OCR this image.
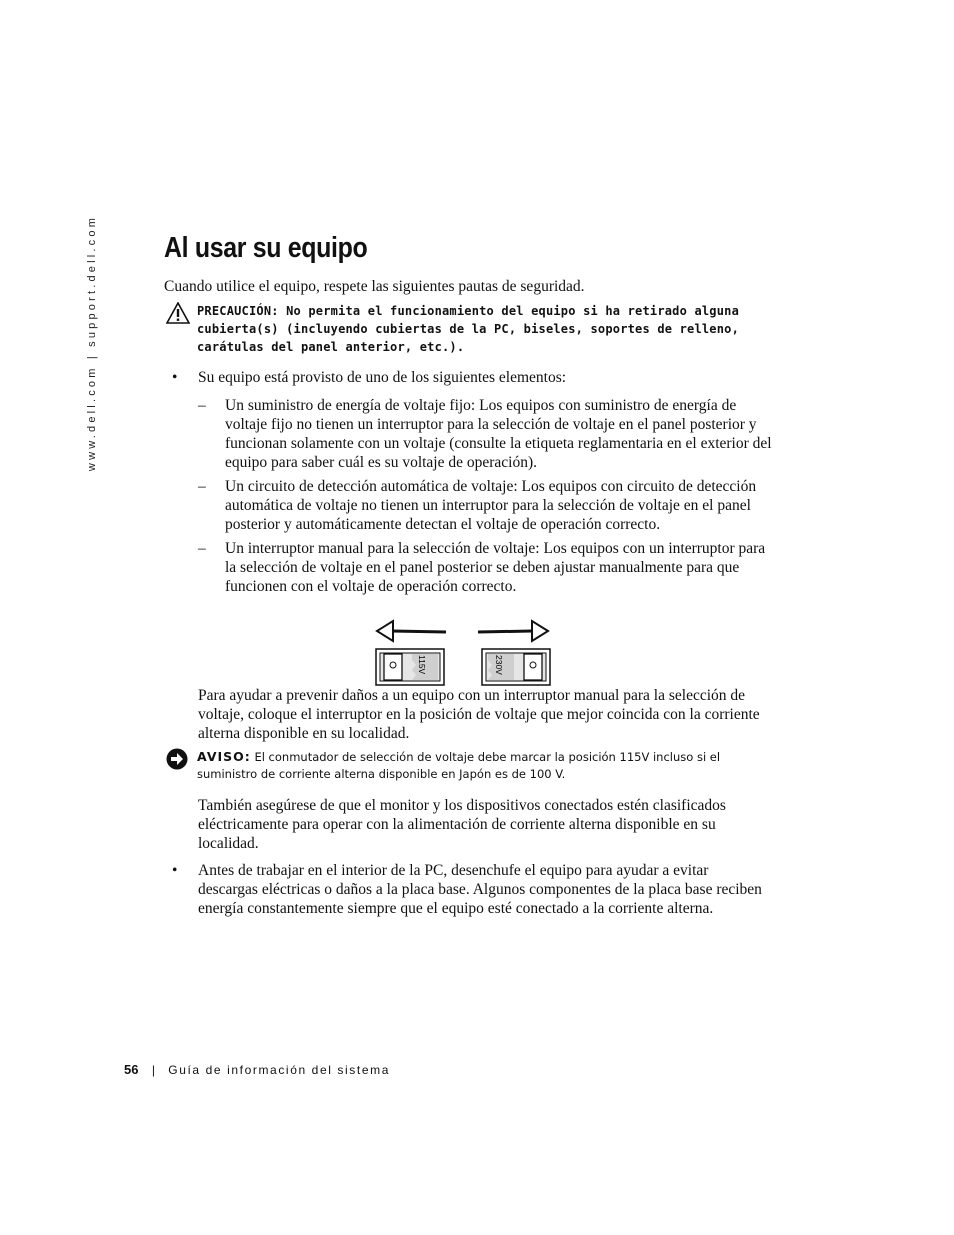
www.dell.com | support.dell.com Al usar su equipo
Cuando utilice el equipo, respete las siguientes pautas de seguridad.
PRECAUCIÓN: No permita el funcionamiento del equipo si ha retirado alguna cubierta(s) (incluyendo cubiertas de la PC, biseles, soportes de relleno, carátulas del panel anterior, etc.).
• Su equipo está provisto de uno de los siguientes elementos:
– Un suministro de energía de voltaje fijo: Los equipos con suministro de energía de voltaje fijo no tienen un interruptor para la selección de voltaje en el panel posterior y funcionan solamente con un voltaje (consulte la etiqueta reglamentaria en el exterior del equipo para saber cuál es su voltaje de operación).
– Un circuito de detección automática de voltaje: Los equipos con circuito de detección automática de voltaje no tienen un interruptor para la selección de voltaje en el panel posterior y automáticamente detectan el voltaje de operación correcto.
– Un interruptor manual para la selección de voltaje: Los equipos con un interruptor para la selección de voltaje en el panel posterior se deben ajustar manualmente para que funcionen con el voltaje de operación correcto.
115V	230V
Para ayudar a prevenir daños a un equipo con un interruptor manual para la selección de voltaje, coloque el interruptor en la posición de voltaje que mejor coincida con la corriente alterna disponible en su localidad.
AVISO: El conmutador de selección de voltaje debe marcar la posición 115V incluso si el suministro de corriente alterna disponible en Japón es de 100 V.
También asegúrese de que el monitor y los dispositivos conectados estén clasificados eléctricamente para operar con la alimentación de corriente alterna disponible en su localidad.
• Antes de trabajar en el interior de la PC, desenchufe el equipo para ayudar a evitar descargas eléctricas o daños a la placa base. Algunos componentes de la placa base reciben energía constantemente siempre que el equipo esté conectado a la corriente alterna.
56 | Guía de información del sistema
